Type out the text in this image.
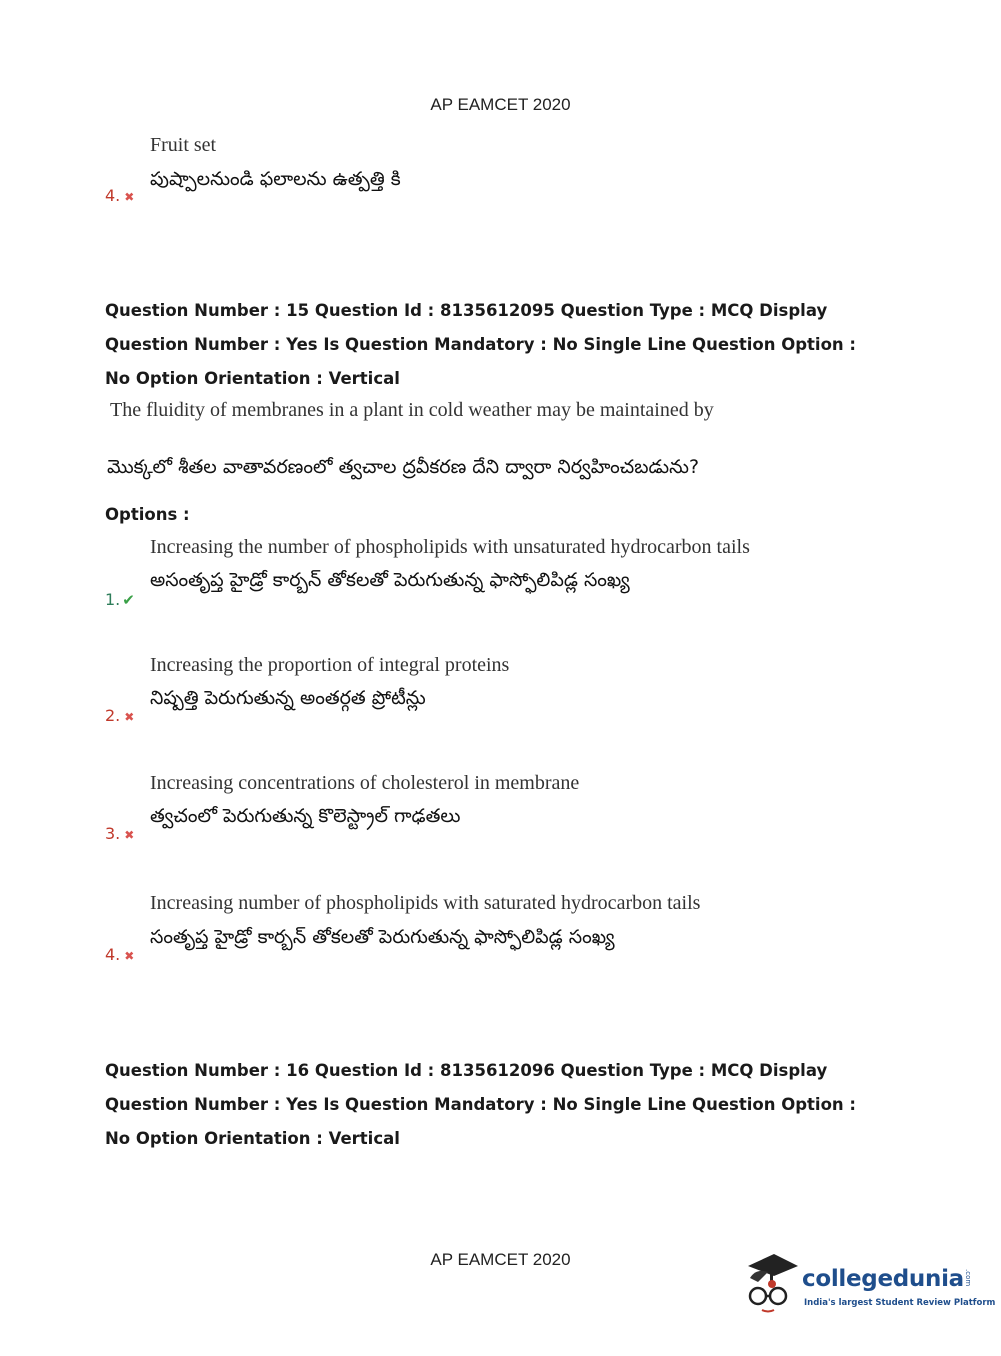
AP EAMCET 2020
Fruit set
పుష్పాలనుండి ఫలాలను ఉత్పత్తి కి
4. ✖
Question Number : 15 Question Id : 8135612095 Question Type : MCQ Display Question Number : Yes Is Question Mandatory : No Single Line Question Option : No Option Orientation : Vertical
The fluidity of membranes in a plant in cold weather may be maintained by
మొక్కలో శీతల వాతావరణంలో త్వచాల ద్రవీకరణ దేని ద్వారా నిర్వహించబడును?
Options :
Increasing the number of phospholipids with unsaturated hydrocarbon tails
అసంతృప్త హైడ్రో కార్బన్ తోకలతో పెరుగుతున్న ఫాస్ఫోలిపిడ్ల సంఖ్య
1. ✔
Increasing the proportion of integral proteins
నిష్పత్తి పెరుగుతున్న అంతర్గత ప్రోటీన్లు
2. ✖
Increasing concentrations of cholesterol in membrane
త్వచంలో పెరుగుతున్న కొలెస్ట్రాల్ గాఢతలు
3. ✖
Increasing number of phospholipids with saturated hydrocarbon tails
సంతృప్త హైడ్రో కార్బన్ తోకలతో పెరుగుతున్న ఫాస్ఫోలిపిడ్ల సంఖ్య
4. ✖
Question Number : 16 Question Id : 8135612096 Question Type : MCQ Display Question Number : Yes Is Question Mandatory : No Single Line Question Option : No Option Orientation : Vertical
AP EAMCET 2020
collegedunia.com
India's largest Student Review Platform
